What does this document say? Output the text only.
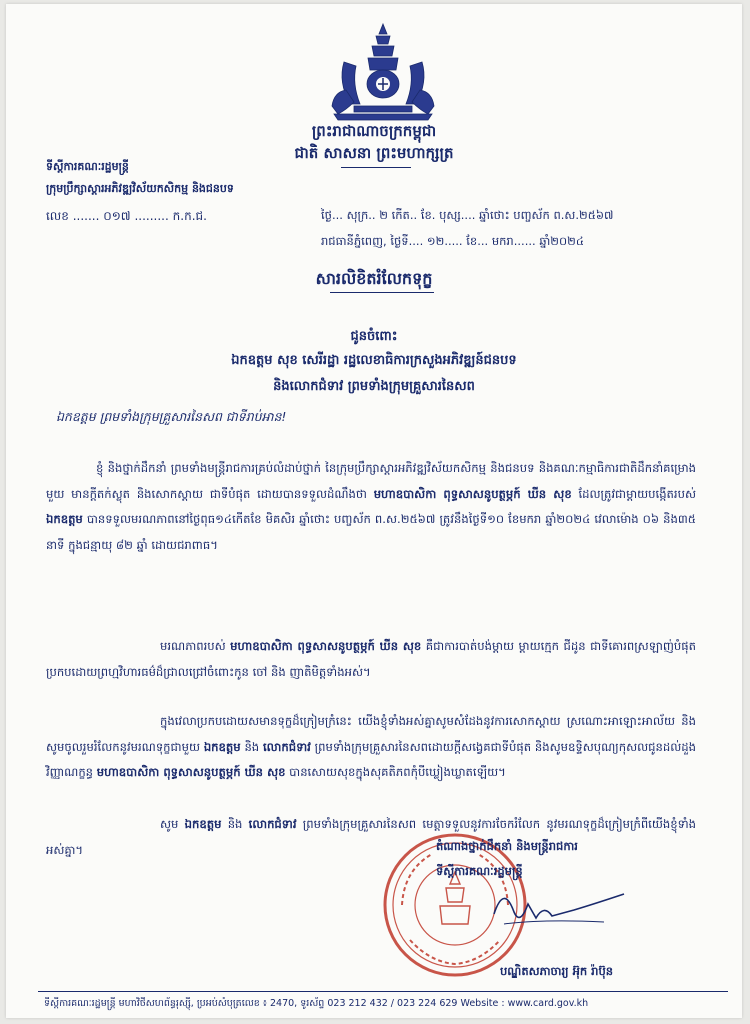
ព្រះរាជាណាចក្រកម្ពុជា
ជាតិ សាសនា ព្រះមហាក្សត្រ
ទីស្តីការគណៈរដ្ឋមន្ត្រី
ក្រុមប្រឹក្សាស្ដារអភិវឌ្ឍវិស័យកសិកម្ម និងជនបទ
លេខ ....... ០១៧ ......... ក.ក.ជ.	ថ្ងៃ... សុក្រ.. ២ កើត.. ខែ. បុស្ស.... ឆ្នាំថោះ បញ្ចស័ក ព.ស.២៥៦៧
រាជធានីភ្នំពេញ, ថ្ងៃទី.... ១២..... ខែ... មករា...... ឆ្នាំ២០២៤
សារលិខិតរំលែកទុក្ខ
ជូនចំពោះ
ឯកឧត្ដម សុខ សេរីរដ្ឋា រដ្ឋលេខាធិការក្រសួងអភិវឌ្ឍន៍ជនបទ
និងលោកជំទាវ ព្រមទាំងក្រុមគ្រួសារនៃសព
ឯកឧត្ដម ព្រមទាំងក្រុមគ្រួសារនៃសព ជាទីរាប់អាន!
ខ្ញុំ និងថ្នាក់ដឹកនាំ ព្រមទាំងមន្ត្រីរាជការគ្រប់លំដាប់ថ្នាក់ នៃក្រុមប្រឹក្សាស្តារអភិវឌ្ឍវិស័យកសិកម្ម និងជនបទ និងគណៈកម្មាធិការជាតិដឹកនាំគម្រោងមួយ មានក្តីតក់ស្លុត និងសោកស្តាយ ជាទីបំផុត ដោយបានទទួលដំណឹងថា មហាឧបាសិកា ពុទ្ធសាសនូបត្ថម្ភក៍ ឃីន សុខ ដែលត្រូវជាម្ដាយបង្កើតរបស់ ឯកឧត្ដម បានទទួលមរណភាពនៅថ្ងៃពុធ១៤កេីតខែ មិគសិរ ឆ្នាំថោះ បញ្ចស័ក ព.ស.២៥៦៧ ត្រូវនឹងថ្ងៃទី១០ ខែមករា ឆ្នាំ២០២៤ វេលាម៉ោង ០៦ និង៣៥ នាទី ក្នុងជន្មាយុ ៨២ ឆ្នាំ ដោយជរាពាធ។
មរណភាពរបស់ មហាឧបាសិកា ពុទ្ធសាសនូបត្ថម្ភក៍ ឃីន សុខ គឺជាការបាត់បង់ម្ដាយ ម្ដាយក្មេក ជីដូន ជាទីគោរពស្រឡាញ់បំផុតប្រកបដោយព្រហ្មវិហារធម៌ដ៏ជ្រាលជ្រៅចំពោះកូន ចៅ និង ញាតិមិត្តទាំងអស់។
ក្នុងវេលាប្រកបដោយសមានទុក្ខដ៏ក្រៀមក្រំនេះ យើងខ្ញុំទាំងអស់គ្នាសូមសំដែងនូវការសោកស្តាយ ស្រណោះអាឡោះអាល័យ និងសូមចូលរួមរំលែកនូវមរណទុក្ខជាមួយ ឯកឧត្ដម និង លោកជំទាវ ព្រមទាំងក្រុមគ្រួសារនៃសពដោយក្តីសង្វេគជាទីបំផុត និងសូមឧទ្ទិសបុណ្យកុសលជូនដល់ដួងវិញ្ញាណក្ខន្ធ មហាឧបាសិកា ពុទ្ធសាសនូបត្ថម្ភក៍ ឃីន សុខ បានសោយសុខក្នុងសុគតិភពកុំបីឃ្លៀងឃ្លាតឡើយ។
សូម ឯកឧត្ដម និង លោកជំទាវ ព្រមទាំងក្រុមគ្រួសារនៃសព មេត្តាទទួលនូវការចែករំលែក នូវមរណទុក្ខដ៏ក្រៀមក្រំពីយើងខ្ញុំទាំងអស់គ្នា។	តំណាងថ្នាក់ដឹកនាំ និងមន្ត្រីរាជការ
ទីស្តីការគណៈរដ្ឋមន្ត្រី
បណ្ឌិតសភាចារ្យ អ៊ុក រ៉ាប៊ុន
ទីស្តីការគណៈរដ្ឋមន្ត្រី មហាវិថីសហព័ន្ធរុស្ស៊ី, ប្រអប់សំបុត្រលេខ ៖ 2470, ទូរស័ព្ទ 023 212 432 / 023 224 629 Website : www.card.gov.kh
